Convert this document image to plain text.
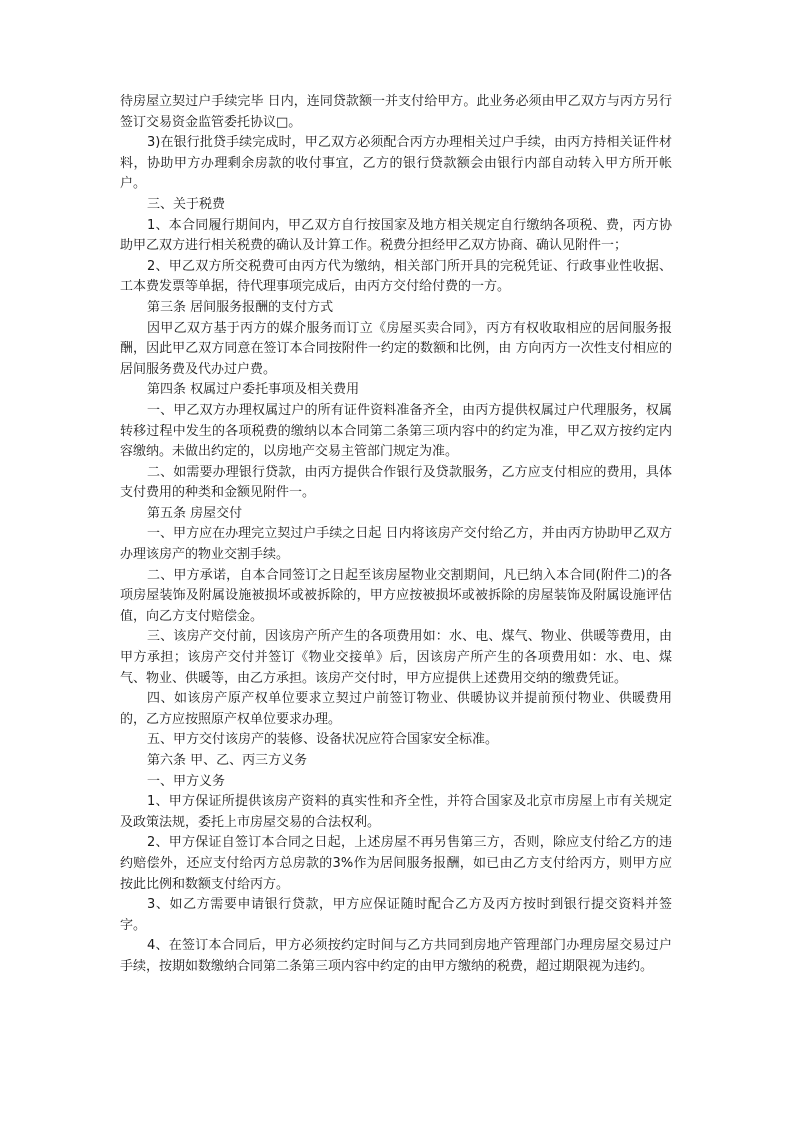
待房屋立契过户手续完毕 日内，连同贷款额一并支付给甲方。此业务必须由甲乙双方与丙方另行签订交易资金监管委托协议□。

3)在银行批贷手续完成时，甲乙双方必须配合丙方办理相关过户手续，由丙方持相关证件材料，协助甲方办理剩余房款的收付事宜，乙方的银行贷款额会由银行内部自动转入甲方所开帐户。

三、关于税费

1、本合同履行期间内，甲乙双方自行按国家及地方相关规定自行缴纳各项税、费，丙方协助甲乙双方进行相关税费的确认及计算工作。税费分担经甲乙双方协商、确认见附件一；

2、甲乙双方所交税费可由丙方代为缴纳，相关部门所开具的完税凭证、行政事业性收据、工本费发票等单据，待代理事项完成后，由丙方交付给付费的一方。

第三条 居间服务报酬的支付方式

因甲乙双方基于丙方的媒介服务而订立《房屋买卖合同》，丙方有权收取相应的居间服务报酬，因此甲乙双方同意在签订本合同按附件一约定的数额和比例，由 方向丙方一次性支付相应的居间服务费及代办过户费。

第四条 权属过户委托事项及相关费用

一、甲乙双方办理权属过户的所有证件资料准备齐全，由丙方提供权属过户代理服务，权属转移过程中发生的各项税费的缴纳以本合同第二条第三项内容中的约定为准，甲乙双方按约定内容缴纳。未做出约定的，以房地产交易主管部门规定为准。

二、如需要办理银行贷款，由丙方提供合作银行及贷款服务，乙方应支付相应的费用，具体支付费用的种类和金额见附件一。

第五条 房屋交付

一、甲方应在办理完立契过户手续之日起 日内将该房产交付给乙方，并由丙方协助甲乙双方办理该房产的物业交割手续。

二、甲方承诺，自本合同签订之日起至该房屋物业交割期间，凡已纳入本合同(附件二)的各项房屋装饰及附属设施被损坏或被拆除的，甲方应按被损坏或被拆除的房屋装饰及附属设施评估值，向乙方支付赔偿金。

三、该房产交付前，因该房产所产生的各项费用如：水、电、煤气、物业、供暖等费用，由甲方承担；该房产交付并签订《物业交接单》后，因该房产所产生的各项费用如：水、电、煤气、物业、供暖等，由乙方承担。该房产交付时，甲方应提供上述费用交纳的缴费凭证。

四、如该房产原产权单位要求立契过户前签订物业、供暖协议并提前预付物业、供暖费用的，乙方应按照原产权单位要求办理。

五、甲方交付该房产的装修、设备状况应符合国家安全标准。

第六条 甲、乙、丙三方义务

一、甲方义务

1、甲方保证所提供该房产资料的真实性和齐全性，并符合国家及北京市房屋上市有关规定及政策法规，委托上市房屋交易的合法权利。

2、甲方保证自签订本合同之日起，上述房屋不再另售第三方，否则，除应支付给乙方的违约赔偿外，还应支付给丙方总房款的3%作为居间服务报酬，如已由乙方支付给丙方，则甲方应按此比例和数额支付给丙方。

3、如乙方需要申请银行贷款，甲方应保证随时配合乙方及丙方按时到银行提交资料并签字。

4、在签订本合同后，甲方必须按约定时间与乙方共同到房地产管理部门办理房屋交易过户手续，按期如数缴纳合同第二条第三项内容中约定的由甲方缴纳的税费，超过期限视为违约。
